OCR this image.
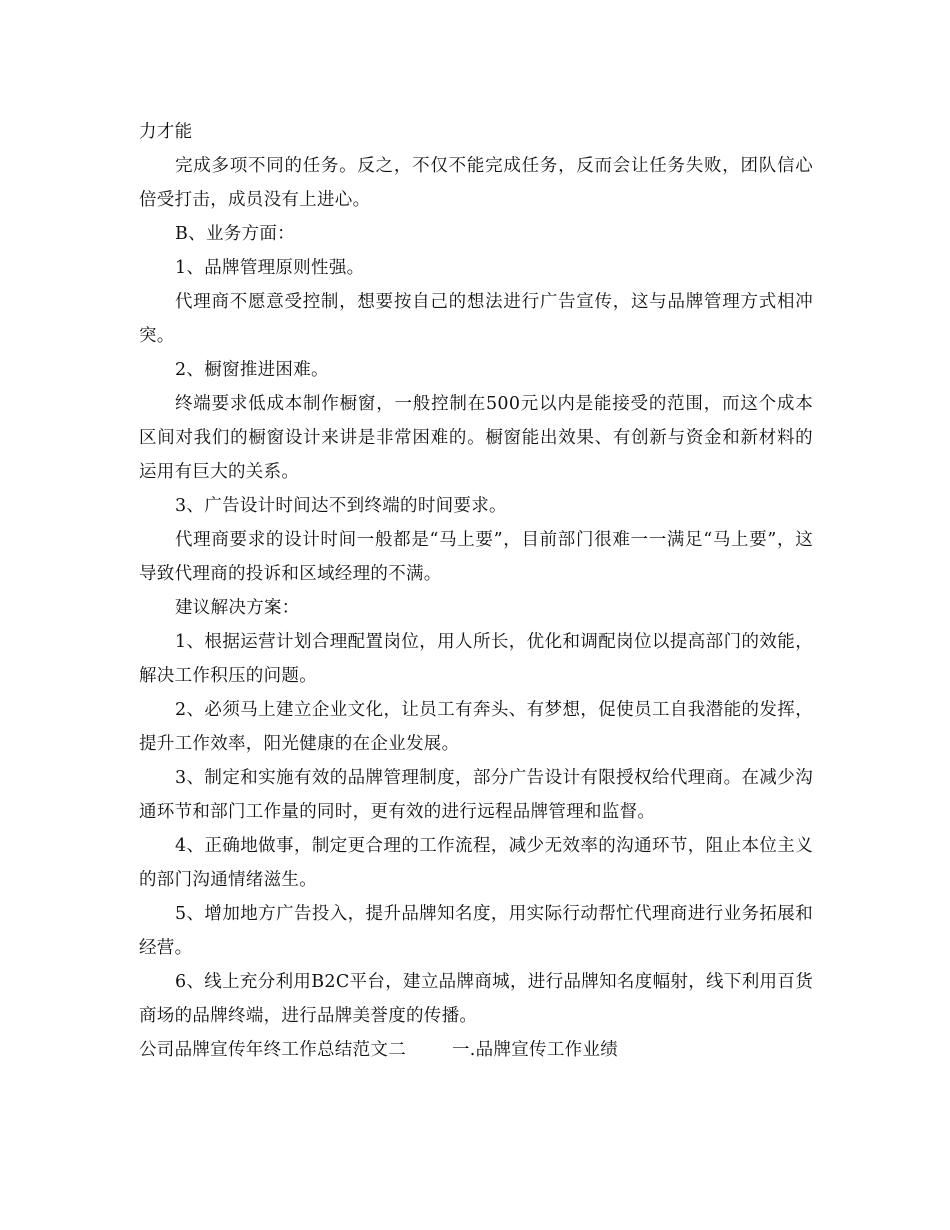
力才能

完成多项不同的任务。反之，不仅不能完成任务，反而会让任务失败，团队信心倍受打击，成员没有上进心。

B、业务方面：

1、品牌管理原则性强。

代理商不愿意受控制，想要按自己的想法进行广告宣传，这与品牌管理方式相冲突。

2、橱窗推进困难。

终端要求低成本制作橱窗，一般控制在500元以内是能接受的范围，而这个成本区间对我们的橱窗设计来讲是非常困难的。橱窗能出效果、有创新与资金和新材料的运用有巨大的关系。

3、广告设计时间达不到终端的时间要求。

代理商要求的设计时间一般都是“马上要”，目前部门很难一一满足“马上要”，这导致代理商的投诉和区域经理的不满。

建议解决方案：

1、根据运营计划合理配置岗位，用人所长，优化和调配岗位以提高部门的效能，解决工作积压的问题。

2、必须马上建立企业文化，让员工有奔头、有梦想，促使员工自我潜能的发挥，提升工作效率，阳光健康的在企业发展。

3、制定和实施有效的品牌管理制度，部分广告设计有限授权给代理商。在减少沟通环节和部门工作量的同时，更有效的进行远程品牌管理和监督。

4、正确地做事，制定更合理的工作流程，减少无效率的沟通环节，阻止本位主义的部门沟通情绪滋生。

5、增加地方广告投入，提升品牌知名度，用实际行动帮忙代理商进行业务拓展和经营。

6、线上充分利用B2C平台，建立品牌商城，进行品牌知名度幅射，线下利用百货商场的品牌终端，进行品牌美誉度的传播。

公司品牌宣传年终工作总结范文二	一.品牌宣传工作业绩
